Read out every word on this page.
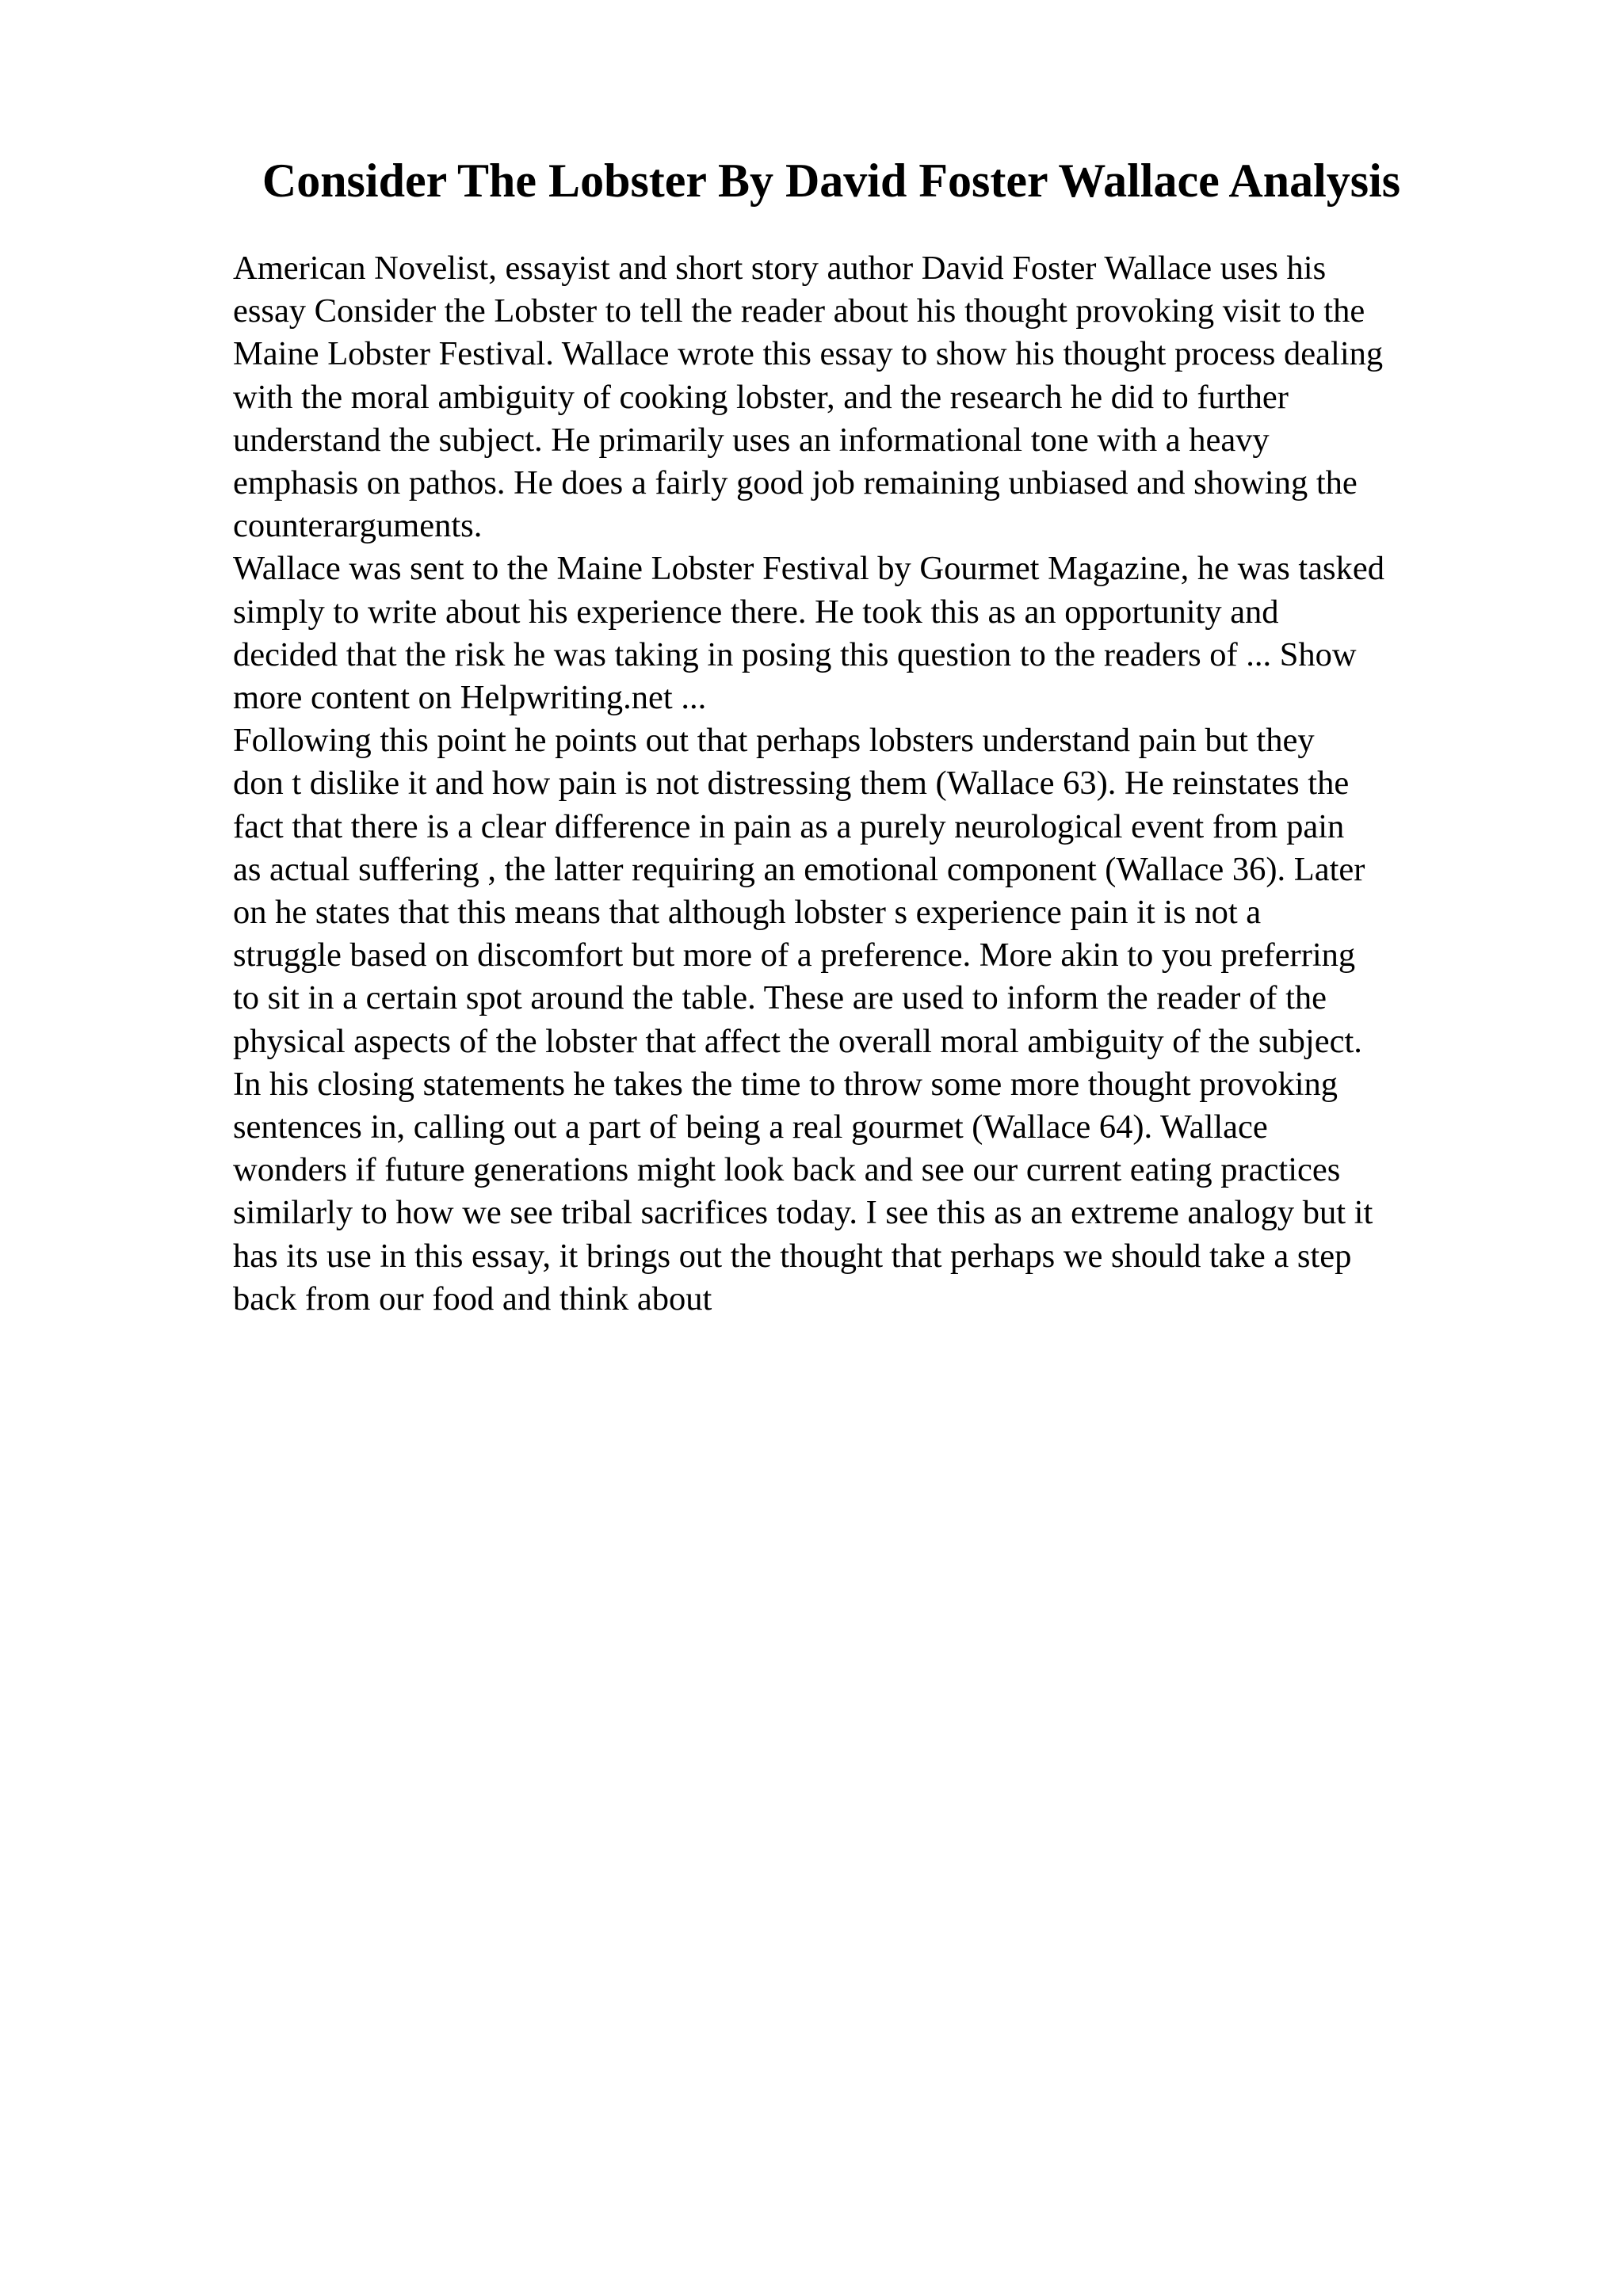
Consider The Lobster By David Foster Wallace Analysis
American Novelist, essayist and short story author David Foster Wallace uses his
essay Consider the Lobster to tell the reader about his thought provoking visit to the
Maine Lobster Festival. Wallace wrote this essay to show his thought process dealing
with the moral ambiguity of cooking lobster, and the research he did to further
understand the subject. He primarily uses an informational tone with a heavy
emphasis on pathos. He does a fairly good job remaining unbiased and showing the
counterarguments.
Wallace was sent to the Maine Lobster Festival by Gourmet Magazine, he was tasked
simply to write about his experience there. He took this as an opportunity and
decided that the risk he was taking in posing this question to the readers of ... Show
more content on Helpwriting.net ...
Following this point he points out that perhaps lobsters understand pain but they
don t dislike it and how pain is not distressing them (Wallace 63). He reinstates the
fact that there is a clear difference in pain as a purely neurological event from pain
as actual suffering , the latter requiring an emotional component (Wallace 36). Later
on he states that this means that although lobster s experience pain it is not a
struggle based on discomfort but more of a preference. More akin to you preferring
to sit in a certain spot around the table. These are used to inform the reader of the
physical aspects of the lobster that affect the overall moral ambiguity of the subject.
In his closing statements he takes the time to throw some more thought provoking
sentences in, calling out a part of being a real gourmet (Wallace 64). Wallace
wonders if future generations might look back and see our current eating practices
similarly to how we see tribal sacrifices today. I see this as an extreme analogy but it
has its use in this essay, it brings out the thought that perhaps we should take a step
back from our food and think about
